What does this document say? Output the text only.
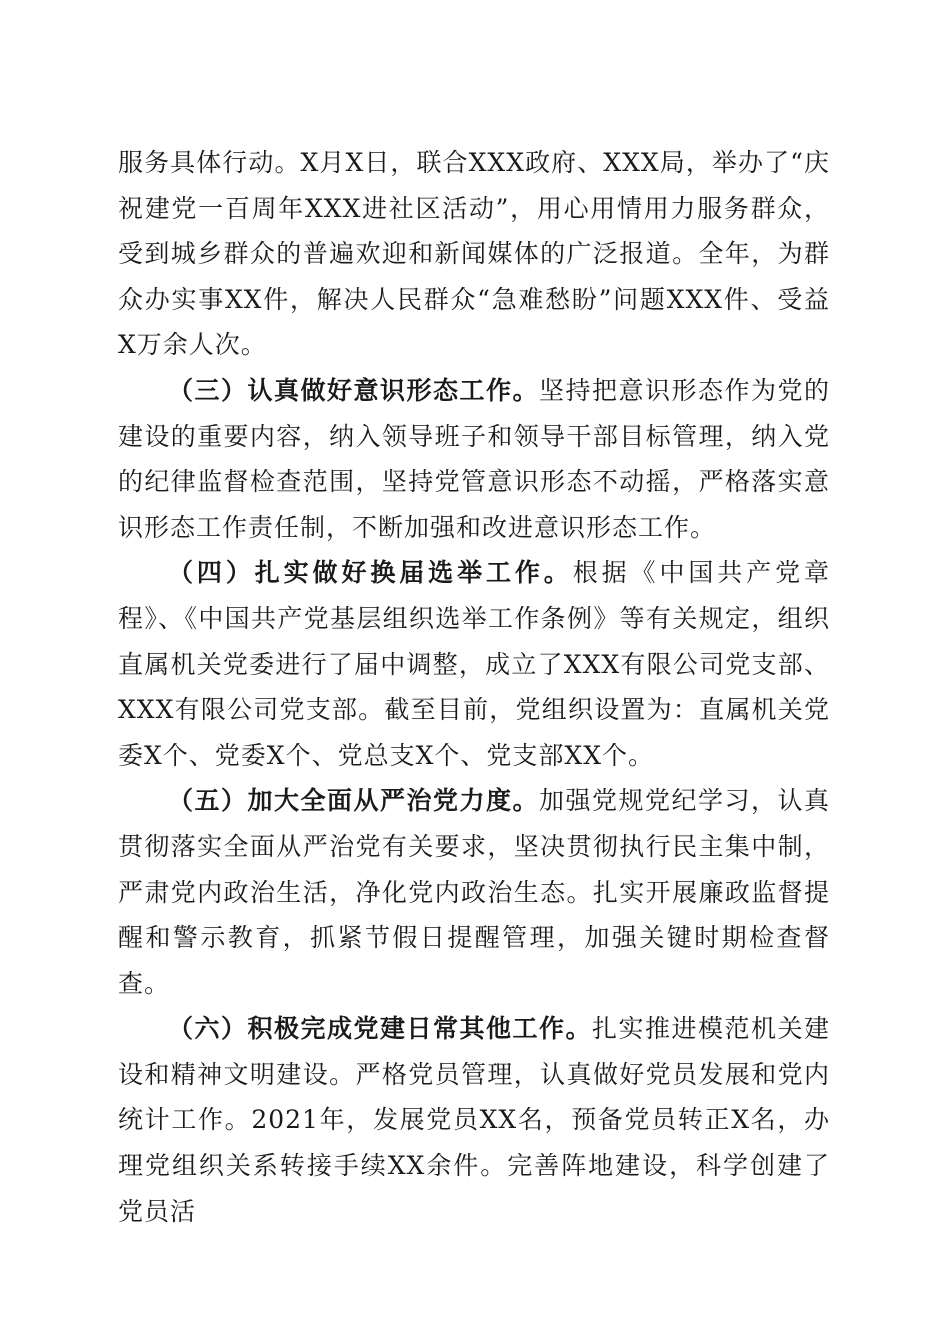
服务具体行动。X月X日，联合XXX政府、XXX局，举办了“庆祝建党一百周年XXX进社区活动”，用心用情用力服务群众，受到城乡群众的普遍欢迎和新闻媒体的广泛报道。全年，为群众办实事XX件，解决人民群众“急难愁盼”问题XXX件、受益X万余人次。

（三）认真做好意识形态工作。坚持把意识形态作为党的建设的重要内容，纳入领导班子和领导干部目标管理，纳入党的纪律监督检查范围，坚持党管意识形态不动摇，严格落实意识形态工作责任制，不断加强和改进意识形态工作。

（四）扎实做好换届选举工作。根据《中国共产党章程》、《中国共产党基层组织选举工作条例》等有关规定，组织直属机关党委进行了届中调整，成立了XXX有限公司党支部、XXX有限公司党支部。截至目前，党组织设置为：直属机关党委X个、党委X个、党总支X个、党支部XX个。

（五）加大全面从严治党力度。加强党规党纪学习，认真贯彻落实全面从严治党有关要求，坚决贯彻执行民主集中制，严肃党内政治生活，净化党内政治生态。扎实开展廉政监督提醒和警示教育，抓紧节假日提醒管理，加强关键时期检查督查。

（六）积极完成党建日常其他工作。扎实推进模范机关建设和精神文明建设。严格党员管理，认真做好党员发展和党内统计工作。2021年，发展党员XX名，预备党员转正X名，办理党组织关系转接手续XX余件。完善阵地建设，科学创建了党员活
